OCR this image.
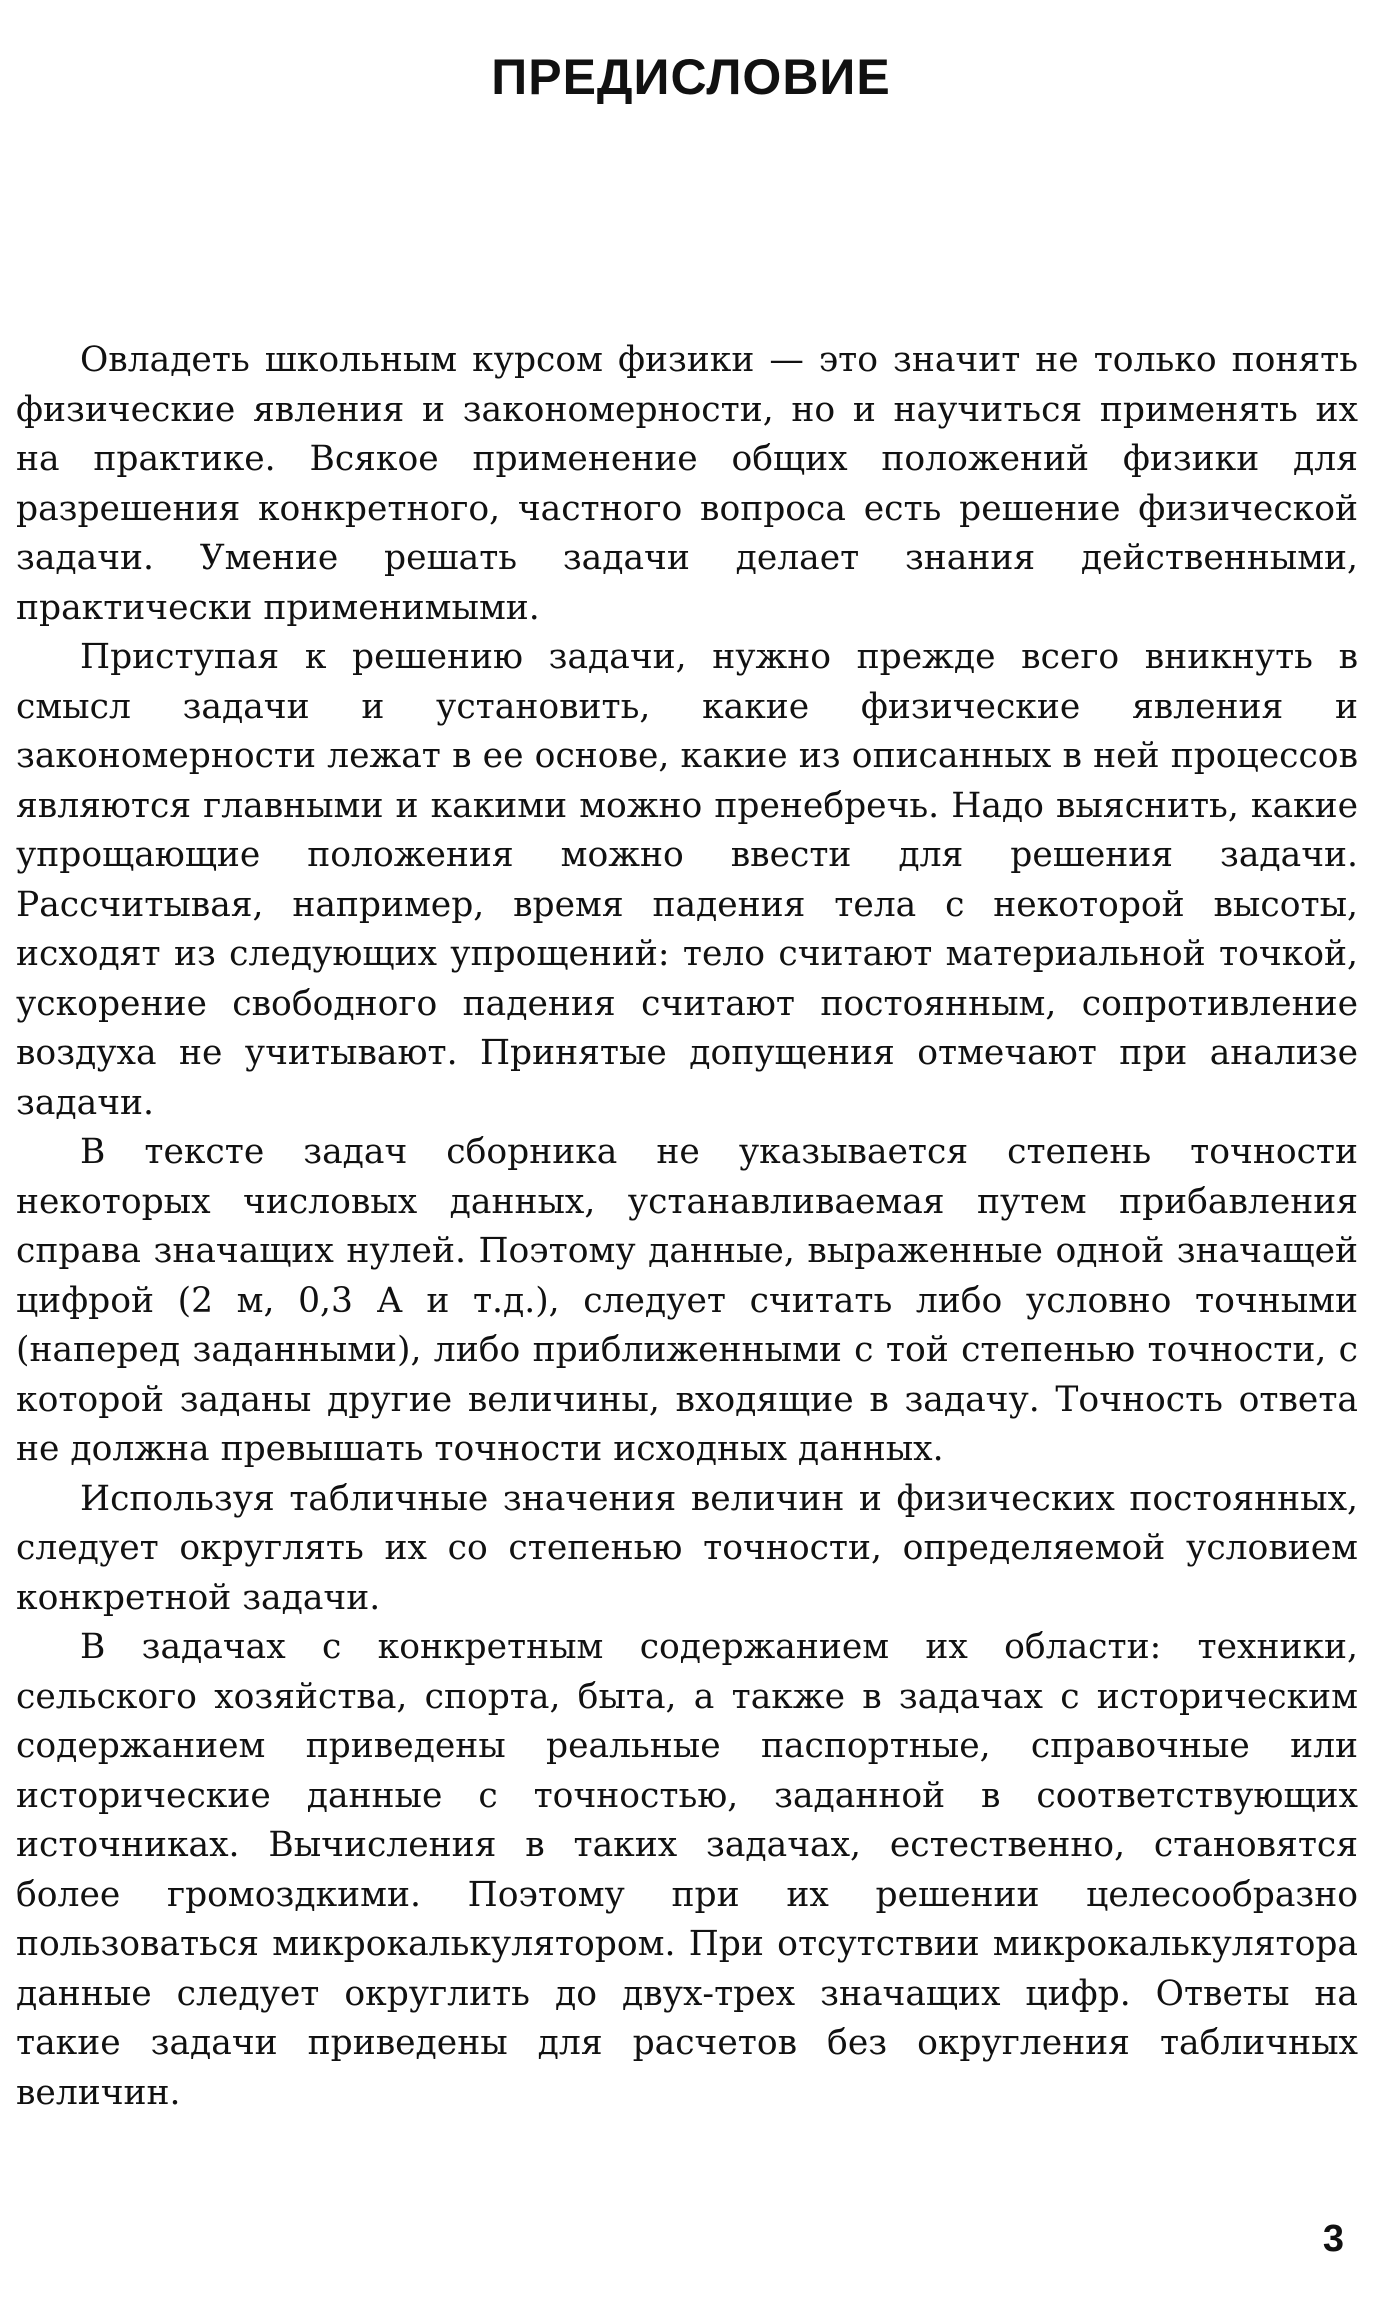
ПРЕДИСЛОВИЕ

Овладеть школьным курсом физики — это значит не только понять физические явления и закономерности, но и научиться применять их на практике. Всякое применение общих положений физики для разрешения конкретного, частного вопроса есть решение физической задачи. Умение решать задачи делает знания действенными, практически применимыми.

Приступая к решению задачи, нужно прежде всего вникнуть в смысл задачи и установить, какие физические явления и закономерности лежат в ее основе, какие из описанных в ней процессов являются главными и какими можно пренебречь. Надо выяснить, какие упрощающие положения можно ввести для решения задачи. Рассчитывая, например, время падения тела с некоторой высоты, исходят из следующих упрощений: тело считают материальной точкой, ускорение свободного падения считают постоянным, сопротивление воздуха не учитывают. Принятые допущения отмечают при анализе задачи.

В тексте задач сборника не указывается степень точности некоторых числовых данных, устанавливаемая путем прибавления справа значащих нулей. Поэтому данные, выраженные одной значащей цифрой (2 м, 0,3 А и т.д.), следует считать либо условно точными (наперед заданными), либо приближенными с той степенью точности, с которой заданы другие величины, входящие в задачу. Точность ответа не должна превышать точности исходных данных.

Используя табличные значения величин и физических постоянных, следует округлять их со степенью точности, определяемой условием конкретной задачи.

В задачах с конкретным содержанием их области: техники, сельского хозяйства, спорта, быта, а также в задачах с историческим содержанием приведены реальные паспортные, справочные или исторические данные с точностью, заданной в соответствующих источниках. Вычисления в таких задачах, естественно, становятся более громоздкими. Поэтому при их решении целесообразно пользоваться микрокалькулятором. При отсутствии микрокалькулятора данные следует округлить до двух-трех значащих цифр. Ответы на такие задачи приведены для расчетов без округления табличных величин.

3
